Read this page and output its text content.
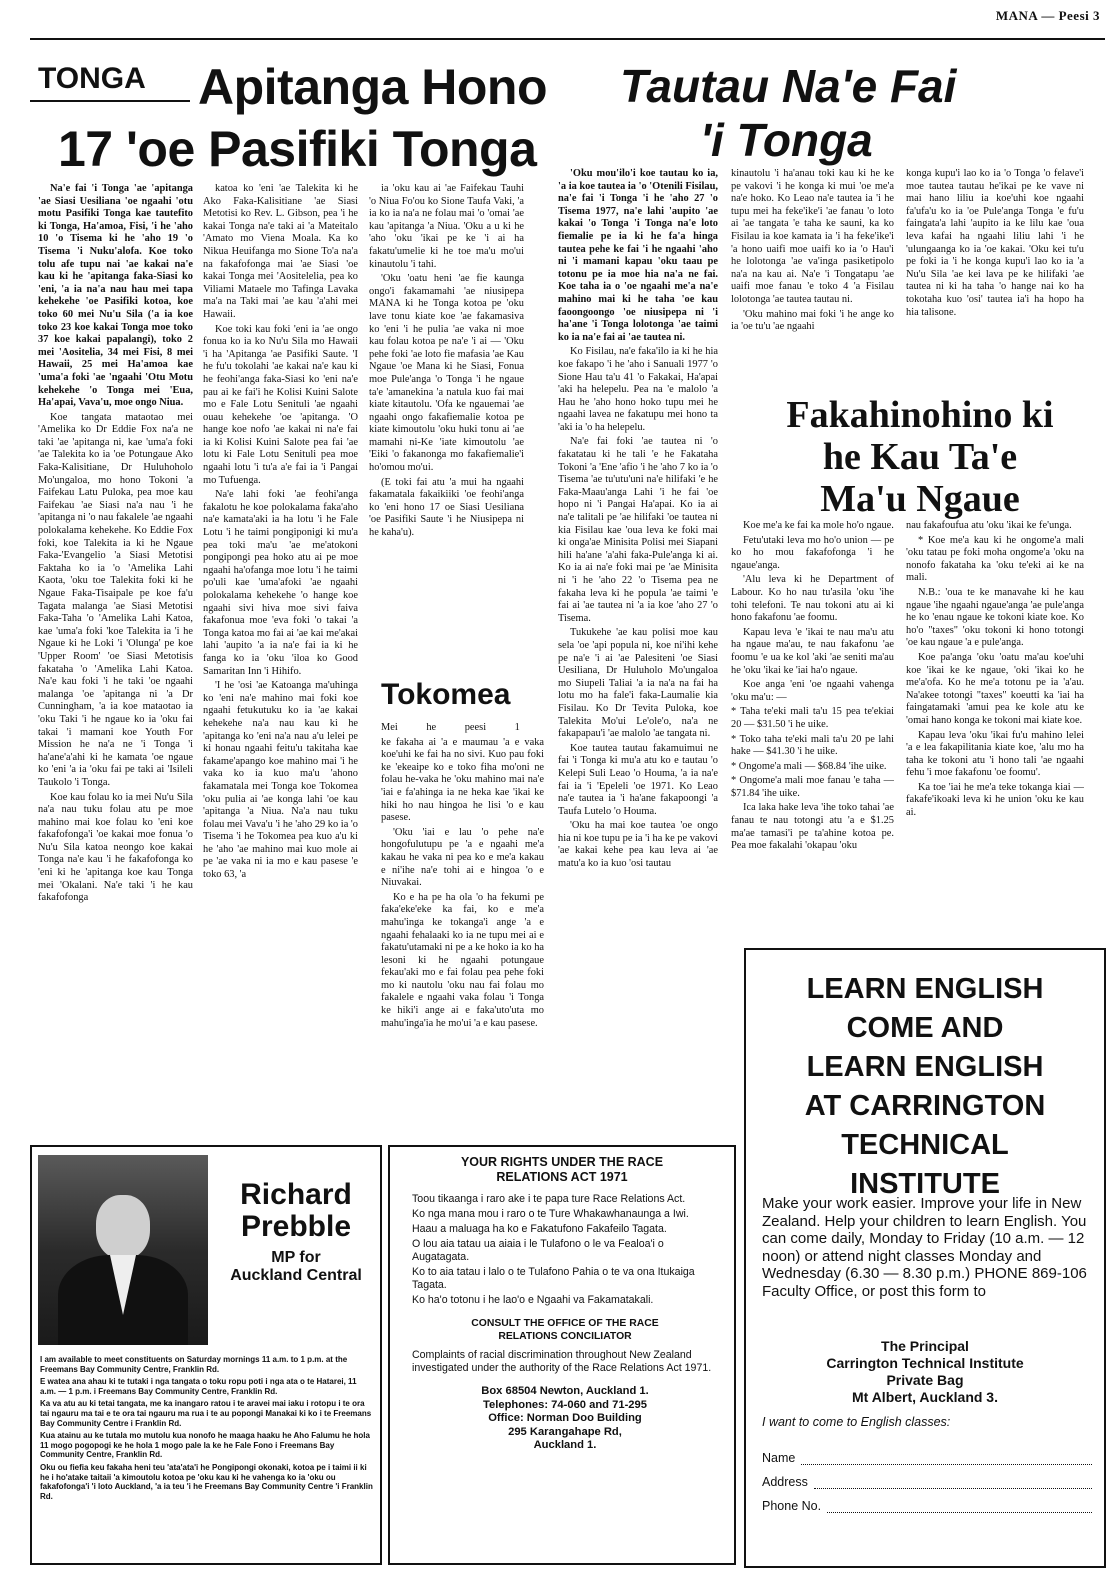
MANA — Peesi 3
TONGA	Apitanga Hono
17 'oe Pasifiki Tonga

Na'e fai 'i Tonga 'ae 'apitanga 'ae Siasi Uesiliana 'oe ngaahi 'otu motu Pasifiki Tonga kae tautefito ki Tonga, Ha'amoa, Fisi, 'i he 'aho 10 'o Tisema ki he 'aho 19 'o Tisema 'i Nuku'alofa. Koe toko tolu afe tupu nai 'ae kakai na'e kau ki he 'apitanga faka-Siasi ko 'eni, 'a ia na'a nau hau mei tapa kehekehe 'oe Pasifiki kotoa, koe toko 60 mei Nu'u Sila ('a ia koe toko 23 koe kakai Tonga moe toko 37 koe kakai papalangi), toko 2 mei 'Aositelia, 34 mei Fisi, 8 mei Hawaii, 25 mei Ha'amoa kae 'uma'a foki 'ae 'ngaahi 'Otu Motu kehekehe 'o Tonga mei 'Eua, Ha'apai, Vava'u, moe ongo Niua.

Koe tangata mataotao mei 'Amelika ko Dr Eddie Fox na'a ne taki 'ae 'apitanga ni, kae 'uma'a foki 'ae Talekita ko ia 'oe Potungaue Ako Faka-Kalisitiane, Dr Huluhoholo Mo'ungaloa, mo hono Tokoni 'a Faifekau Latu Puloka, pea moe kau Faifekau 'ae Siasi na'a nau 'i he 'apitanga ni 'o nau fakalele 'ae ngaahi polokalama kehekehe. Ko Eddie Fox foki, koe Talekita ia ki he Ngaue Faka-'Evangelio 'a Siasi Metotisi Faktaha ko ia 'o 'Amelika Lahi Kaota, 'oku toe Talekita foki ki he Ngaue Faka-Tisaipale pe koe fa'u Tagata malanga 'ae Siasi Metotisi Faka-Taha 'o 'Amelika Lahi Katoa, kae 'uma'a foki 'koe Talekita ia 'i he Ngaue ki he Loki 'i 'Olunga' pe koe 'Upper Room' 'oe Siasi Metotisis fakataha 'o 'Amelika Lahi Katoa. Na'e kau foki 'i he taki 'oe ngaahi malanga 'oe 'apitanga ni 'a Dr Cunningham, 'a ia koe mataotao ia 'oku Taki 'i he ngaue ko ia 'oku fai takai 'i mamani koe Youth For Mission he na'a ne 'i Tonga 'i ha'ane'a'ahi ki he kamata 'oe ngaue ko 'eni 'a ia 'oku fai pe taki ai 'Isileli Taukolo 'i Tonga.

Koe kau folau ko ia mei Nu'u Sila na'a nau tuku folau atu pe moe mahino mai koe folau ko 'eni koe fakafofonga'i 'oe kakai moe fonua 'o Nu'u Sila katoa neongo koe kakai Tonga na'e kau 'i he fakafofonga ko 'eni ki he 'apitanga koe kau Tonga mei 'Okalani. Na'e taki 'i he kau fakafofonga

katoa ko 'eni 'ae Talekita ki he Ako Faka-Kalisitiane 'ae Siasi Metotisi ko Rev. L. Gibson, pea 'i he kakai Tonga na'e taki ai 'a Mateitalo 'Amato mo Viena Moala. Ka ko Nikua Heuifanga mo Sione To'a na'a na fakafofonga mai 'ae Siasi 'oe kakai Tonga mei 'Aositelelia, pea ko Viliami Mataele mo Tafinga Lavaka ma'a na Taki mai 'ae kau 'a'ahi mei Hawaii.

Koe toki kau foki 'eni ia 'ae ongo fonua ko ia ko Nu'u Sila mo Hawaii 'i ha 'Apitanga 'ae Pasifiki Saute. 'I he fu'u tokolahi 'ae kakai na'e kau ki he feohi'anga faka-Siasi ko 'eni na'e pau ai ke fai'i he Kolisi Kuini Salote mo e Fale Lotu Senituli 'ae ngaahi ouau kehekehe 'oe 'apitanga. 'O hange koe nofo 'ae kakai ni na'e fai ia ki Kolisi Kuini Salote pea fai 'ae lotu ki Fale Lotu Senituli pea moe ngaahi lotu 'i tu'a a'e fai ia 'i Pangai mo Tufuenga.

Na'e lahi foki 'ae feohi'anga fakalotu he koe polokalama faka'aho na'e kamata'aki ia ha lotu 'i he Fale Lotu 'i he taimi pongiponigi ki mu'a pea toki ma'u 'ae me'atokoni pongipongi pea hoko atu ai pe moe ngaahi ha'ofanga moe lotu 'i he taimi po'uli kae 'uma'afoki 'ae ngaahi polokalama kehekehe 'o hange koe ngaahi sivi hiva moe sivi faiva fakafonua moe 'eva foki 'o takai 'a Tonga katoa mo fai ai 'ae kai me'akai lahi 'aupito 'a ia na'e fai ia ki he fanga ko ia 'oku 'iloa ko Good Samaritan Inn 'i Hihifo.

'I he 'osi 'ae Katoanga ma'uhinga ko 'eni na'e mahino mai foki koe ngaahi fetukutuku ko ia 'ae kakai kehekehe na'a nau kau ki he 'apitanga ko 'eni na'a nau a'u lelei pe ki honau ngaahi feitu'u takitaha kae fakame'apango koe mahino mai 'i he vaka ko ia kuo ma'u 'ahono fakamatala mei Tonga koe Tokomea 'oku pulia ai 'ae konga lahi 'oe kau 'apitanga 'a Niua. Na'a nau tuku folau mei Vava'u 'i he 'aho 29 ko ia 'o Tisema 'i he Tokomea pea kuo a'u ki he 'aho 'ae mahino mai kuo mole ai pe 'ae vaka ni ia mo e kau pasese 'e toko 63, 'a

ia 'oku kau ai 'ae Faifekau Tauhi 'o Niua Fo'ou ko Sione Taufa Vaki, 'a ia ko ia na'a ne folau mai 'o 'omai 'ae kau 'apitanga 'a Niua. 'Oku a u ki he 'aho 'oku 'ikai pe ke 'i ai ha fakatu'umelie ki he toe ma'u mo'ui kinautolu 'i tahi.

'Oku 'oatu heni 'ae fie kaunga ongo'i fakamamahi 'ae niusipepa MANA ki he Tonga kotoa pe 'oku lave tonu kiate koe 'ae fakamasiva ko 'eni 'i he pulia 'ae vaka ni moe kau folau kotoa pe na'e 'i ai — 'Oku pehe foki 'ae loto fie mafasia 'ae Kau Ngaue 'oe Mana ki he Siasi, Fonua moe Pule'anga 'o Tonga 'i he ngaue ta'e 'amanekina 'a natula kuo fai mai kiate kitautolu. 'Ofa ke ngauemai 'ae ngaahi ongo fakafiemalie kotoa pe kiate kimoutolu 'oku huki tonu ai 'ae mamahi ni-Ke 'iate kimoutolu 'ae 'Eiki 'o fakanonga mo fakafiemalie'i ho'omou mo'ui.

(E toki fai atu 'a mui ha ngaahi fakamatala fakaikiiki 'oe feohi'anga ko 'eni hono 17 oe Siasi Uesiliana 'oe Pasifiki Saute 'i he Niusipepa ni he kaha'u).

Tokomea

Mei he peesi 1

ke fakaha ai 'a e maumau 'a e vaka koe'uhi ke fai ha no sivi. Kuo pau foki ke 'ekeaipe ko e toko fiha mo'oni ne folau he-vaka he 'oku mahino mai na'e 'iai e fa'ahinga ia ne heka kae 'ikai ke hiki ho nau hingoa he lisi 'o e kau pasese.

'Oku 'iai e lau 'o pehe na'e hongofulutupu pe 'a e ngaahi me'a kakau he vaka ni pea ko e me'a kakau e ni'ihe na'e tohi ai e hingoa 'o e Niuvakai.

Ko e ha pe ha ola 'o ha fekumi pe faka'eke'eke ka fai, ko e me'a mahu'inga ke tokanga'i ange 'a e ngaahi fehalaaki ko ia ne tupu mei ai e fakatu'utamaki ni pe a ke hoko ia ko ha lesoni ki he ngaahi potungaue fekau'aki mo e fai folau pea pehe foki mo ki nautolu 'oku nau fai folau mo fakalele e ngaahi vaka folau 'i Tonga ke hiki'i ange ai e faka'uto'uta mo mahu'inga'ia he mo'ui 'a e kau pasese.

Tautau Na'e Fai
'i Tonga

'Oku mou'ilo'i koe tautau ko ia, 'a ia koe tautea ia 'o 'Otenili Fisilau, na'e fai 'i Tonga 'i he 'aho 27 'o Tisema 1977, na'e lahi 'aupito 'ae kakai 'o Tonga 'i Tonga na'e loto fiemalie pe ia ki he fa'a hinga tautea pehe ke fai 'i he ngaahi 'aho ni 'i mamani kapau 'oku taau pe totonu pe ia moe hia na'a ne fai. Koe taha ia o 'oe ngaahi me'a na'e mahino mai ki he taha 'oe kau faoongoongo 'oe niusipepa ni 'i ha'ane 'i Tonga lolotonga 'ae taimi ko ia na'e fai ai 'ae tautea ni.

Ko Fisilau, na'e faka'ilo ia ki he hia koe fakapo 'i he 'aho i Sanuali 1977 'o Sione Hau ta'u 41 'o Fakakai, Ha'apai 'aki ha helepelu. Pea na 'e malolo 'a Hau he 'aho hono hoko tupu mei he ngaahi lavea ne fakatupu mei hono ta 'aki ia 'o ha helepelu.

Na'e fai foki 'ae tautea ni 'o fakatatau ki he tali 'e he Fakataha Tokoni 'a 'Ene 'afio 'i he 'aho 7 ko ia 'o Tisema 'ae tu'utu'uni na'e hilifaki 'e he Faka-Maau'anga Lahi 'i he fai 'oe hopo ni 'i Pangai Ha'apai. Ko ia ai na'e talitali pe 'ae hilifaki 'oe tautea ni kia Fisilau kae 'oua leva ke foki mai ki onga'ae Minisita Polisi mei Siapani hili ha'ane 'a'ahi faka-Pule'anga ki ai. Ko ia ai na'e foki mai pe 'ae Minisita ni 'i he 'aho 22 'o Tisema pea ne fakaha leva ki he popula 'ae taimi 'e fai ai 'ae tautea ni 'a ia koe 'aho 27 'o Tisema.

Tukukehe 'ae kau polisi moe kau sela 'oe 'api popula ni, koe ni'ihi kehe pe na'e 'i ai 'ae Palesiteni 'oe Siasi Uesiliana, Dr Huluholo Mo'ungaloa mo Siupeli Taliai 'a ia na'a na fai ha lotu mo ha fale'i faka-Laumalie kia Fisilau. Ko Dr Tevita Puloka, koe Talekita Mo'ui Le'ole'o, na'a ne fakapapau'i 'ae malolo 'ae tangata ni.

Koe tautea tautau fakamuimui ne fai 'i Tonga ki mu'a atu ko e tautau 'o Kelepi Suli Leao 'o Houma, 'a ia na'e fai ia 'i 'Epeleli 'oe 1971. Ko Leao na'e tautea ia 'i ha'ane fakapoongi 'a Taufa Lutelo 'o Houma.

'Oku ha mai koe tautea 'oe ongo hia ni koe tupu pe ia 'i ha ke pe vakovi 'ae kakai kehe pea kau leva ai 'ae matu'a ko ia kuo 'osi tautau

kinautolu 'i ha'anau toki kau ki he ke pe vakovi 'i he konga ki mui 'oe me'a na'e hoko. Ko Leao na'e tautea ia 'i he tupu mei ha feke'ike'i 'ae fanau 'o loto ai 'ae tangata 'e taha ke sauni, ka ko Fisilau ia koe kamata ia 'i ha feke'ike'i 'a hono uaifi moe uaifi ko ia 'o Hau'i he lolotonga 'ae va'inga pasiketipolo na'a na kau ai. Na'e 'i Tongatapu 'ae uaifi moe fanau 'e toko 4 'a Fisilau lolotonga 'ae tautea tautau ni.

'Oku mahino mai foki 'i he ange ko ia 'oe tu'u 'ae ngaahi

konga kupu'i lao ko ia 'o Tonga 'o felave'i moe tautea tautau he'ikai pe ke vave ni mai hano liliu ia koe'uhi koe ngaahi fa'ufa'u ko ia 'oe Pule'anga Tonga 'e fu'u faingata'a lahi 'aupito ia ke lilu kae 'oua leva kafai ha ngaahi liliu lahi 'i he 'ulungaanga ko ia 'oe kakai. 'Oku kei tu'u pe foki ia 'i he konga kupu'i lao ko ia 'a Nu'u Sila 'ae kei lava pe ke hilifaki 'ae tautea ni ki ha taha 'o hange nai ko ha tokotaha kuo 'osi' tautea ia'i ha hopo ha hia talisone.

Fakahinohino ki
he Kau Ta'e
Ma'u Ngaue

Koe me'a ke fai ka mole ho'o ngaue.

Fetu'utaki leva mo ho'o union — pe ko ho mou fakafofonga 'i he ngaue'anga.

'Alu leva ki he Department of Labour. Ko ho nau tu'asila 'oku 'ihe tohi telefoni. Te nau tokoni atu ai ki hono fakafonu 'ae foomu.

Kapau leva 'e 'ikai te nau ma'u atu ha ngaue ma'au, te nau fakafonu 'ae foomu 'e ua ke kol 'aki 'ae seniti ma'au he 'oku 'ikai ke 'iai ha'o ngaue.

Koe anga 'eni 'oe ngaahi vahenga 'oku ma'u: —

* Taha te'eki mali ta'u 15 pea te'ekiai 20 — $31.50 'i he uike.

* Toko taha te'eki mali ta'u 20 pe lahi hake — $41.30 'i he uike.

* Ongome'a mali — $68.84 'ihe uike.

* Ongome'a mali moe fanau 'e taha — $71.84 'ihe uike.

Ica laka hake leva 'ihe toko tahai 'ae fanau te nau totongi atu 'a e $1.25 ma'ae tamasi'i pe ta'ahine kotoa pe. Pea moe fakalahi 'okapau 'oku

nau fakafoufua atu 'oku 'ikai ke fe'unga.

* Koe me'a kau ki he ongome'a mali 'oku tatau pe foki moha ongome'a 'oku na nonofo fakataha ka 'oku te'eki ai ke na mali.

N.B.: 'oua te ke manavahe ki he kau ngaue 'ihe ngaahi ngaue'anga 'ae pule'anga he ko 'enau ngaue ke tokoni kiate koe. Ko ho'o "taxes" 'oku tokoni ki hono totongi 'oe kau ngaue 'a e pule'anga.

Koe pa'anga 'oku 'oatu ma'au koe'uhi koe 'ikai ke ke ngaue, 'oki 'ikai ko he me'a'ofa. Ko he me'a totonu pe ia 'a'au. Na'akee totongi "taxes" koeutti ka 'iai ha faingatamaki 'amui pea ke kole atu ke 'omai hano konga ke tokoni mai kiate koe.

Kapau leva 'oku 'ikai fu'u mahino lelei 'a e lea fakapilitania kiate koe, 'alu mo ha taha ke tokoni atu 'i hono tali 'ae ngaahi fehu 'i moe fakafonu 'oe foomu'.

Ka toe 'iai he me'a teke tokanga kiai — fakafe'ikoaki leva ki he union 'oku ke kau ai.

Richard
Prebble
MP for
Auckland Central

I am available to meet constituents on Saturday mornings 11 a.m. to 1 p.m. at the Freemans Bay Community Centre, Franklin Rd.

E watea ana ahau ki te tutaki i nga tangata o toku ropu poti i nga ata o te Hatarei, 11 a.m. — 1 p.m. i Freemans Bay Community Centre, Franklin Rd.

Ka va atu au ki tetai tangata, me ka inangaro ratou i te aravei mai iaku i rotopu i te ora tai ngauru ma tai e te ora tai ngauru ma rua i te au popongi Manakai ki ko i te Freemans Bay Community Centre i Franklin Rd.

Kua atainu au ke tutala mo mutolu kua nonofo he maaga haaku he Aho Falumu he hola 11 mogo pogopogi ke he hola 1 mogo pale la ke he Fale Fono i Freemans Bay Community Centre, Franklin Rd.

Oku ou fiefia keu fakaha heni teu 'ata'ata'i he Pongipongi okonaki, kotoa pe i taimi ii ki he i ho'atake taitaii 'a kimoutolu kotoa pe 'oku kau ki he vahenga ko ia 'oku ou fakafofonga'i 'i loto Auckland, 'a ia teu 'i he Freemans Bay Community Centre 'i Franklin Rd.

YOUR RIGHTS UNDER THE RACE
RELATIONS ACT 1971

Toou tikaanga i raro ake i te papa ture Race Relations Act.

Ko nga mana mou i raro o te Ture Whakawhanaunga a Iwi.

Haau a maluaga ha ko e Fakatufono Fakafeilo Tagata.

O lou aia tatau ua aiaia i le Tulafono o le va Fealoa'i o Augatagata.

Ko to aia tatau i lalo o te Tulafono Pahia o te va ona Itukaiga Tagata.

Ko ha'o totonu i he lao'o e Ngaahi va Fakamatakali.

CONSULT THE OFFICE OF THE RACE
RELATIONS CONCILIATOR

Complaints of racial discrimination throughout New Zealand investigated under the authority of the Race Relations Act 1971.

Box 68504 Newton, Auckland 1.
Telephones: 74-060 and 71-295
Office: Norman Doo Building
295 Karangahape Rd,
Auckland 1.

LEARN ENGLISH
COME AND
LEARN ENGLISH
AT CARRINGTON
TECHNICAL
INSTITUTE
Make your work easier. Improve your life in New Zealand. Help your children to learn English. You can come daily, Monday to Friday (10 a.m. — 12 noon) or attend night classes Monday and Wednesday (6.30 — 8.30 p.m.) PHONE 869-106 Faculty Office, or post this form to
The Principal
Carrington Technical Institute
Private Bag
Mt Albert, Auckland 3.
I want to come to English classes:
Name
Address
Phone No.
